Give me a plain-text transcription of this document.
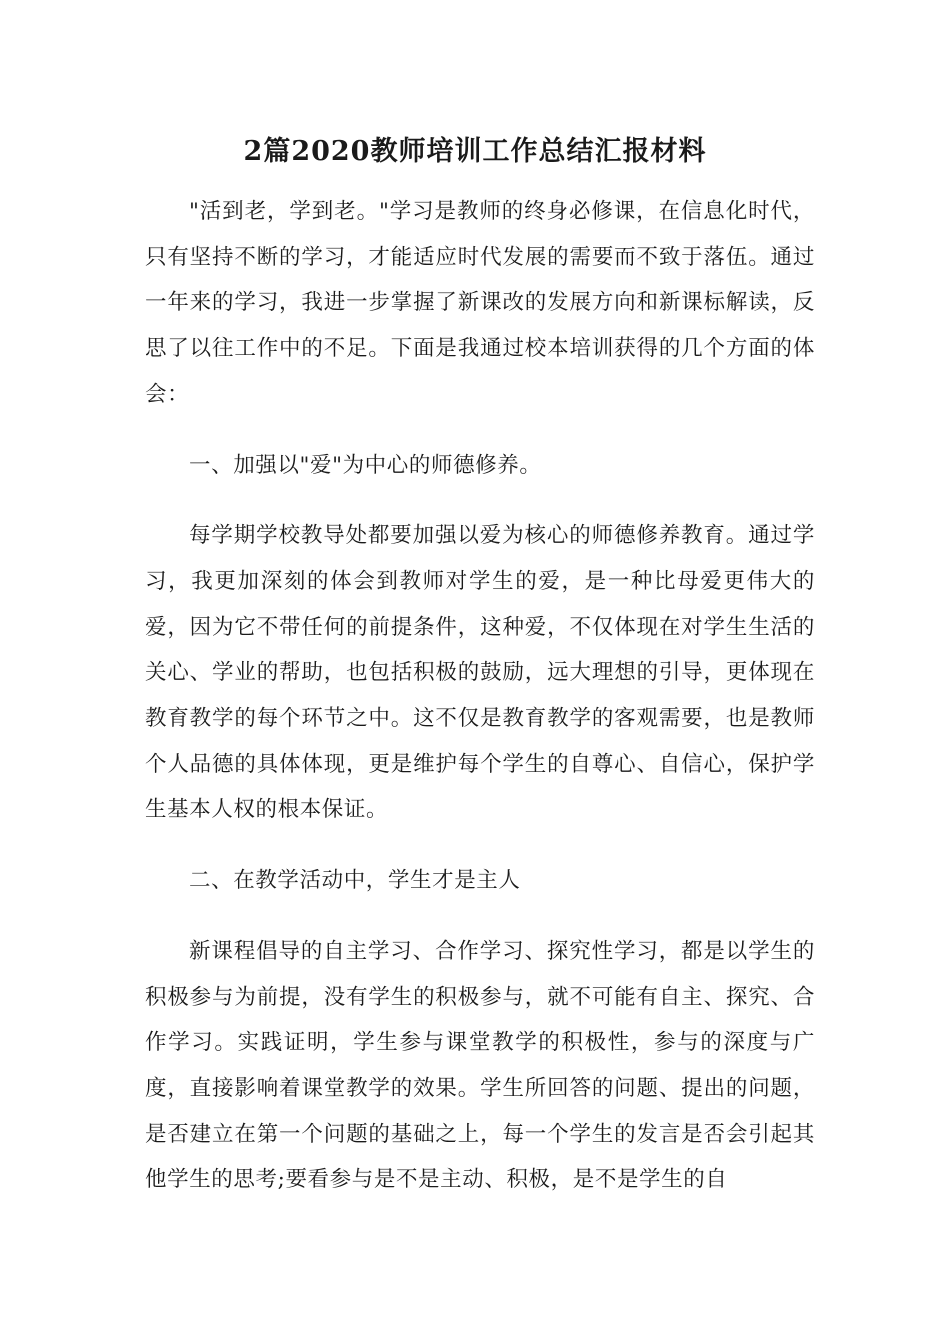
2篇2020教师培训工作总结汇报材料

"活到老，学到老。"学习是教师的终身必修课，在信息化时代，只有坚持不断的学习，才能适应时代发展的需要而不致于落伍。通过一年来的学习，我进一步掌握了新课改的发展方向和新课标解读，反思了以往工作中的不足。下面是我通过校本培训获得的几个方面的体会：

一、加强以"爱"为中心的师德修养。

每学期学校教导处都要加强以爱为核心的师德修养教育。通过学习，我更加深刻的体会到教师对学生的爱，是一种比母爱更伟大的爱，因为它不带任何的前提条件，这种爱，不仅体现在对学生生活的关心、学业的帮助，也包括积极的鼓励，远大理想的引导，更体现在教育教学的每个环节之中。这不仅是教育教学的客观需要，也是教师个人品德的具体体现，更是维护每个学生的自尊心、自信心，保护学生基本人权的根本保证。

二、在教学活动中，学生才是主人

新课程倡导的自主学习、合作学习、探究性学习，都是以学生的积极参与为前提，没有学生的积极参与，就不可能有自主、探究、合作学习。实践证明，学生参与课堂教学的积极性，参与的深度与广度，直接影响着课堂教学的效果。学生所回答的问题、提出的问题，是否建立在第一个问题的基础之上，每一个学生的发言是否会引起其他学生的思考;要看参与是不是主动、积极，是不是学生的自
